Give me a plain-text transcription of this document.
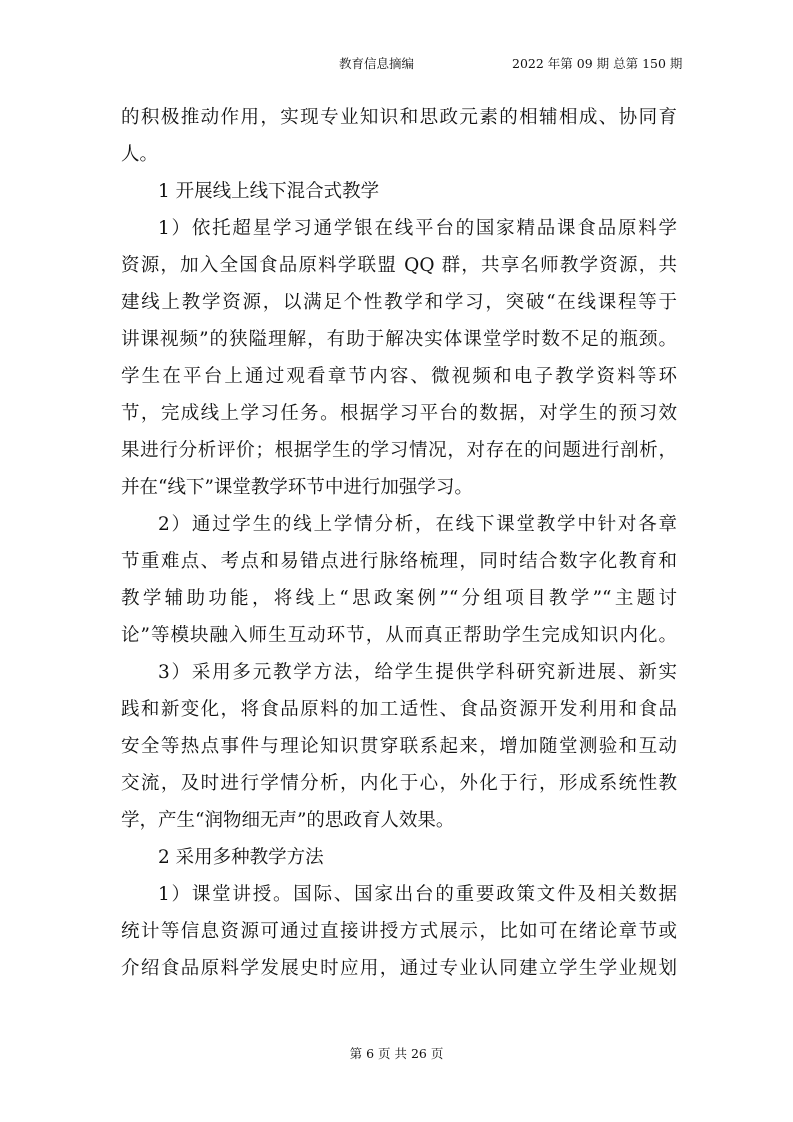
教育信息摘编	2022 年第 09 期 总第 150 期
的积极推动作用，实现专业知识和思政元素的相辅相成、协同育
人。
1 开展线上线下混合式教学
1）依托超星学习通学银在线平台的国家精品课食品原料学
资源，加入全国食品原料学联盟 QQ 群，共享名师教学资源，共
建线上教学资源，以满足个性教学和学习，突破“在线课程等于
讲课视频”的狭隘理解，有助于解决实体课堂学时数不足的瓶颈。
学生在平台上通过观看章节内容、微视频和电子教学资料等环
节，完成线上学习任务。根据学习平台的数据，对学生的预习效
果进行分析评价；根据学生的学习情况，对存在的问题进行剖析，
并在“线下”课堂教学环节中进行加强学习。
2）通过学生的线上学情分析，在线下课堂教学中针对各章
节重难点、考点和易错点进行脉络梳理，同时结合数字化教育和
教学辅助功能，将线上“思政案例”“分组项目教学”“主题讨
论”等模块融入师生互动环节，从而真正帮助学生完成知识内化。
3）采用多元教学方法，给学生提供学科研究新进展、新实
践和新变化，将食品原料的加工适性、食品资源开发利用和食品
安全等热点事件与理论知识贯穿联系起来，增加随堂测验和互动
交流，及时进行学情分析，内化于心，外化于行，形成系统性教
学，产生“润物细无声”的思政育人效果。
2 采用多种教学方法
1）课堂讲授。国际、国家出台的重要政策文件及相关数据
统计等信息资源可通过直接讲授方式展示，比如可在绪论章节或
介绍食品原料学发展史时应用，通过专业认同建立学生学业规划
第 6 页 共 26 页
